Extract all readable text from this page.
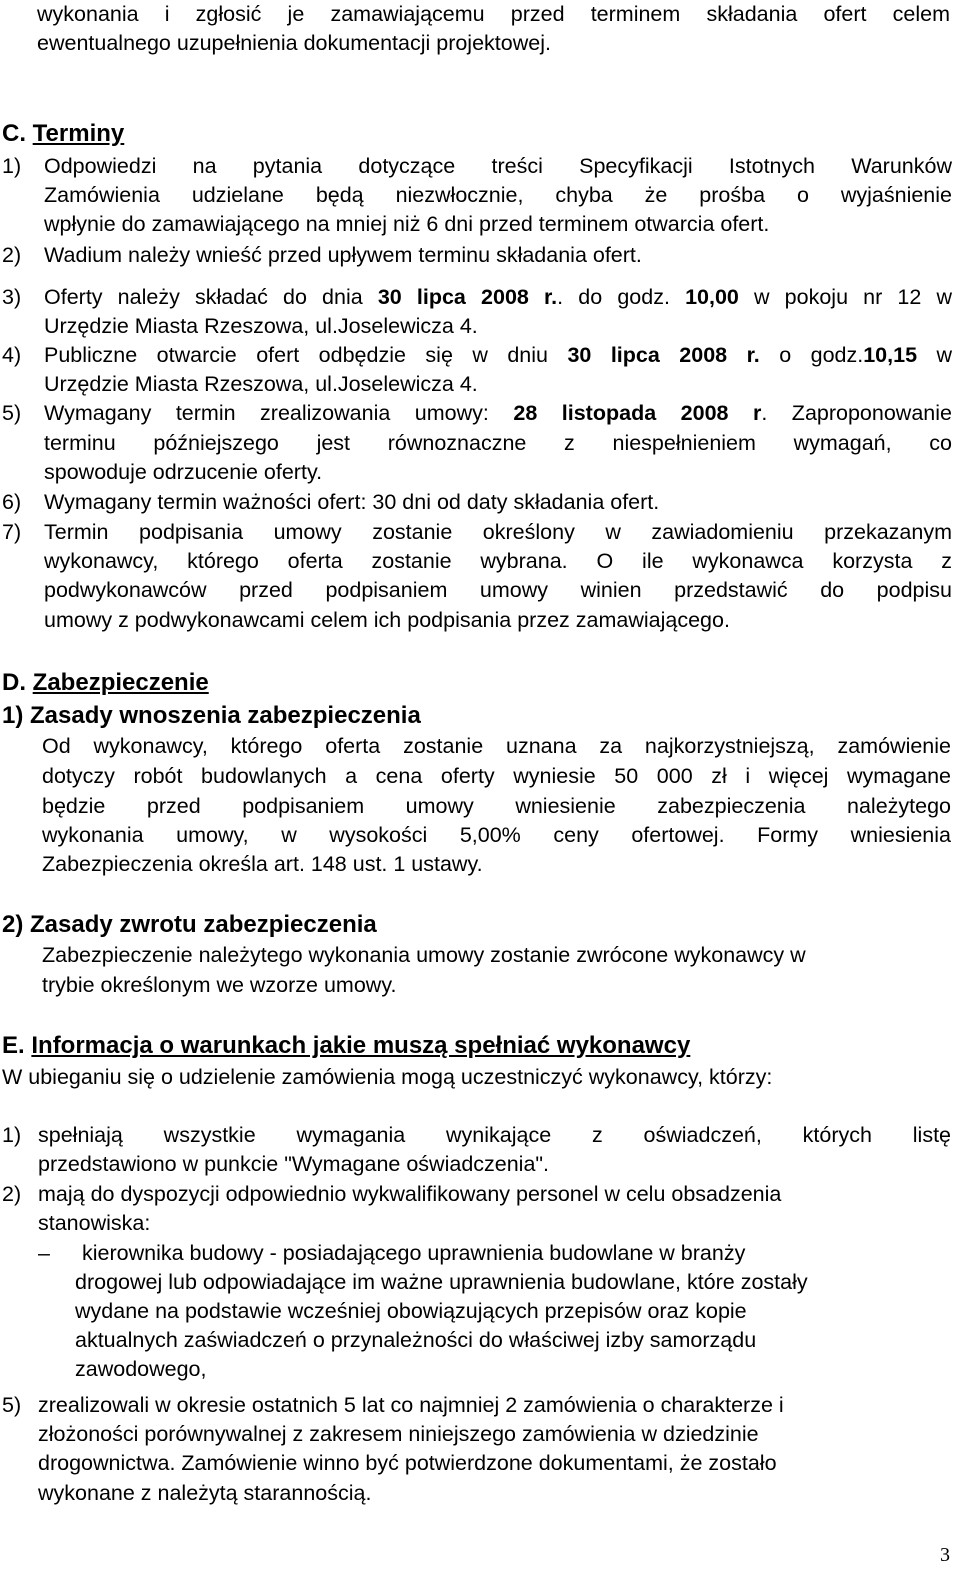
wykonania i zgłosić je zamawiającemu przed terminem składania ofert celem
ewentualnego uzupełnienia dokumentacji projektowej.
C. Terminy
1) Odpowiedzi na pytania dotyczące treści Specyfikacji Istotnych Warunków
Zamówienia udzielane będą niezwłocznie, chyba że prośba o wyjaśnienie
wpłynie do zamawiającego na mniej niż 6 dni przed terminem otwarcia ofert.
2) Wadium należy wnieść przed upływem terminu składania ofert.
3) Oferty należy składać do dnia 30 lipca 2008 r.. do godz. 10,00 w pokoju nr 12 w
Urzędzie Miasta Rzeszowa, ul.Joselewicza 4.
4) Publiczne otwarcie ofert odbędzie się w dniu 30 lipca 2008 r. o godz.10,15 w
Urzędzie Miasta Rzeszowa, ul.Joselewicza 4.
5) Wymagany termin zrealizowania umowy: 28 listopada 2008 r. Zaproponowanie
terminu późniejszego jest równoznaczne z niespełnieniem wymagań, co
spowoduje odrzucenie oferty.
6) Wymagany termin ważności ofert: 30 dni od daty składania ofert.
7) Termin podpisania umowy zostanie określony w zawiadomieniu przekazanym
wykonawcy, którego oferta zostanie wybrana. O ile wykonawca korzysta z
podwykonawców przed podpisaniem umowy winien przedstawić do podpisu
umowy z podwykonawcami celem ich podpisania przez zamawiającego.
D. Zabezpieczenie
1) Zasady wnoszenia zabezpieczenia
Od wykonawcy, którego oferta zostanie uznana za najkorzystniejszą, zamówienie
dotyczy robót budowlanych a cena oferty wyniesie 50 000 zł i więcej wymagane
będzie przed podpisaniem umowy wniesienie zabezpieczenia należytego
wykonania umowy, w wysokości 5,00% ceny ofertowej. Formy wniesienia
Zabezpieczenia określa art. 148 ust. 1 ustawy.
2) Zasady zwrotu zabezpieczenia
Zabezpieczenie należytego wykonania umowy zostanie zwrócone wykonawcy w
trybie określonym we wzorze umowy.
E. Informacja o warunkach jakie muszą spełniać wykonawcy
W ubieganiu się o udzielenie zamówienia mogą uczestniczyć wykonawcy, którzy:
1) spełniają wszystkie wymagania wynikające z oświadczeń, których listę
przedstawiono w punkcie "Wymagane oświadczenia".
2) mają do dyspozycji odpowiednio wykwalifikowany personel w celu obsadzenia
stanowiska:
– kierownika budowy - posiadającego uprawnienia budowlane w branży
drogowej lub odpowiadające im ważne uprawnienia budowlane, które zostały
wydane na podstawie wcześniej obowiązujących przepisów oraz kopie
aktualnych zaświadczeń o przynależności do właściwej izby samorządu
zawodowego,
5) zrealizowali w okresie ostatnich 5 lat co najmniej 2 zamówienia o charakterze i
złożoności porównywalnej z zakresem niniejszego zamówienia w dziedzinie
drogownictwa. Zamówienie winno być potwierdzone dokumentami, że zostało
wykonane z należytą starannością.
3
